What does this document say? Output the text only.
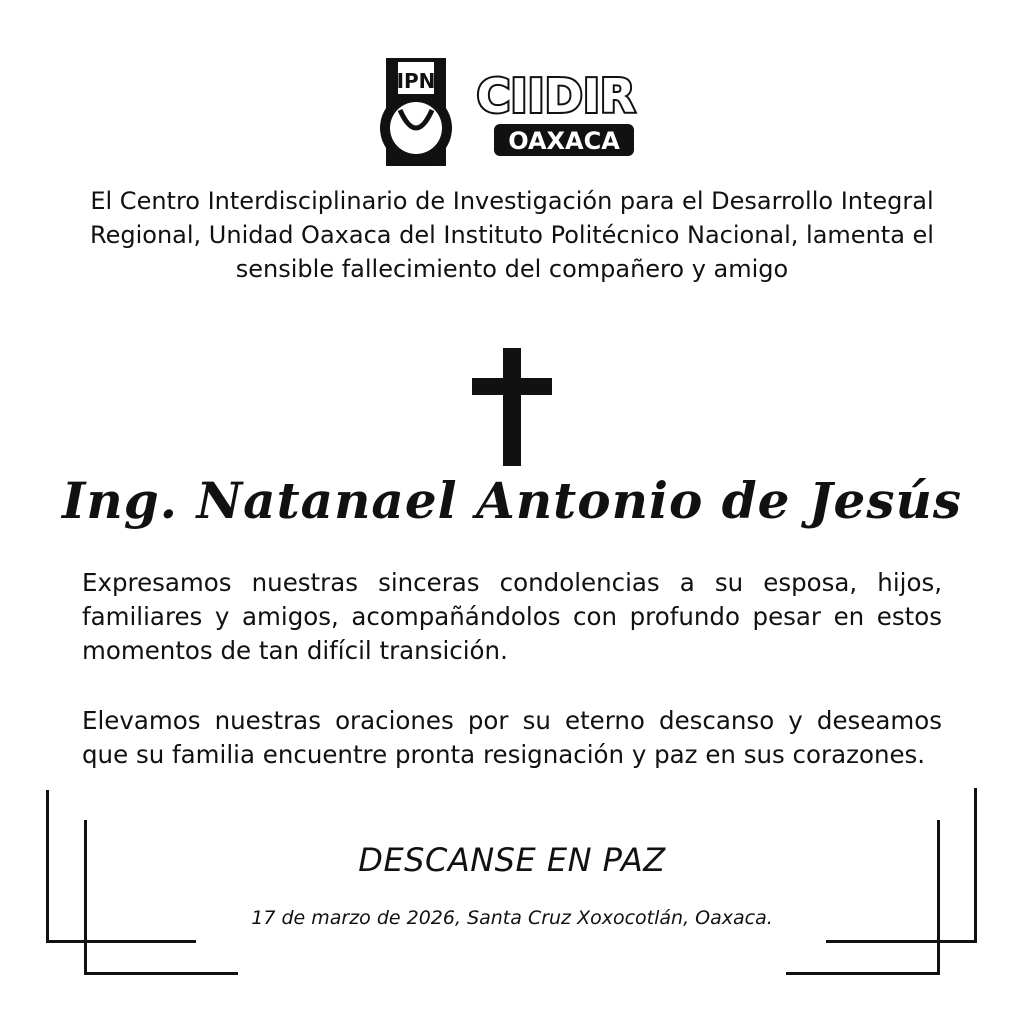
IPN CIIDIR
OAXACA

El Centro Interdisciplinario de Investigación para el Desarrollo Integral Regional, Unidad Oaxaca del Instituto Politécnico Nacional, lamenta el sensible fallecimiento del compañero y amigo

Ing. Natanael Antonio de Jesús

Expresamos nuestras sinceras condolencias a su esposa, hijos, familiares y amigos, acompañándolos con profundo pesar en estos momentos de tan difícil transición.

Elevamos nuestras oraciones por su eterno descanso y deseamos que su familia encuentre pronta resignación y paz en sus corazones.

DESCANSE EN PAZ

17 de marzo de 2026, Santa Cruz Xoxocotlán, Oaxaca.
